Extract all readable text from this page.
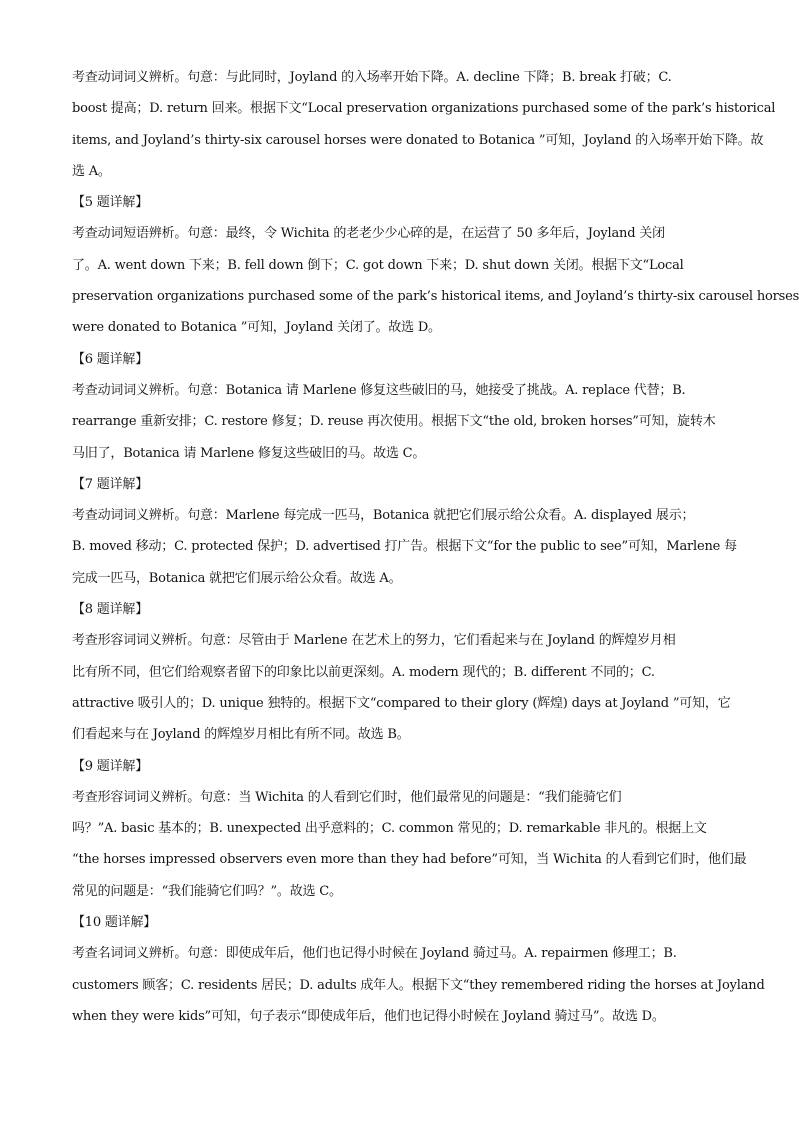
考查动词词义辨析。句意：与此同时，Joyland 的入场率开始下降。A. decline 下降；B. break 打破；C.
boost 提高；D. return 回来。根据下文“Local preservation organizations purchased some of the park’s historical
items, and Joyland’s thirty-six carousel horses were donated to Botanica ”可知，Joyland 的入场率开始下降。故
选 A。
【5 题详解】
考查动词短语辨析。句意：最终，令 Wichita 的老老少少心碎的是，在运营了 50 多年后，Joyland 关闭
了。A. went down 下来；B. fell down 倒下；C. got down 下来；D. shut down 关闭。根据下文“Local
preservation organizations purchased some of the park’s historical items, and Joyland’s thirty-six carousel horses
were donated to Botanica ”可知，Joyland 关闭了。故选 D。
【6 题详解】
考查动词词义辨析。句意：Botanica 请 Marlene 修复这些破旧的马，她接受了挑战。A. replace 代替；B.
rearrange 重新安排；C. restore 修复；D. reuse 再次使用。根据下文“the old, broken horses”可知，旋转木
马旧了，Botanica 请 Marlene 修复这些破旧的马。故选 C。
【7 题详解】
考查动词词义辨析。句意：Marlene 每完成一匹马，Botanica 就把它们展示给公众看。A. displayed 展示；
B. moved 移动；C. protected 保护；D. advertised 打广告。根据下文“for the public to see”可知，Marlene 每
完成一匹马，Botanica 就把它们展示给公众看。故选 A。
【8 题详解】
考查形容词词义辨析。句意：尽管由于 Marlene 在艺术上的努力，它们看起来与在 Joyland 的辉煌岁月相
比有所不同，但它们给观察者留下的印象比以前更深刻。A. modern 现代的；B. different 不同的；C.
attractive 吸引人的；D. unique 独特的。根据下文“compared to their glory (辉煌) days at Joyland ”可知，它
们看起来与在 Joyland 的辉煌岁月相比有所不同。故选 B。
【9 题详解】
考查形容词词义辨析。句意：当 Wichita 的人看到它们时，他们最常见的问题是：“我们能骑它们
吗？”A. basic 基本的；B. unexpected 出乎意料的；C. common 常见的；D. remarkable 非凡的。根据上文
“the horses impressed observers even more than they had before”可知，当 Wichita 的人看到它们时，他们最
常见的问题是：“我们能骑它们吗？”。故选 C。
【10 题详解】
考查名词词义辨析。句意：即使成年后，他们也记得小时候在 Joyland 骑过马。A. repairmen 修理工；B.
customers 顾客；C. residents 居民；D. adults 成年人。根据下文“they remembered riding the horses at Joyland
when they were kids”可知，句子表示“即使成年后，他们也记得小时候在 Joyland 骑过马”。故选 D。
